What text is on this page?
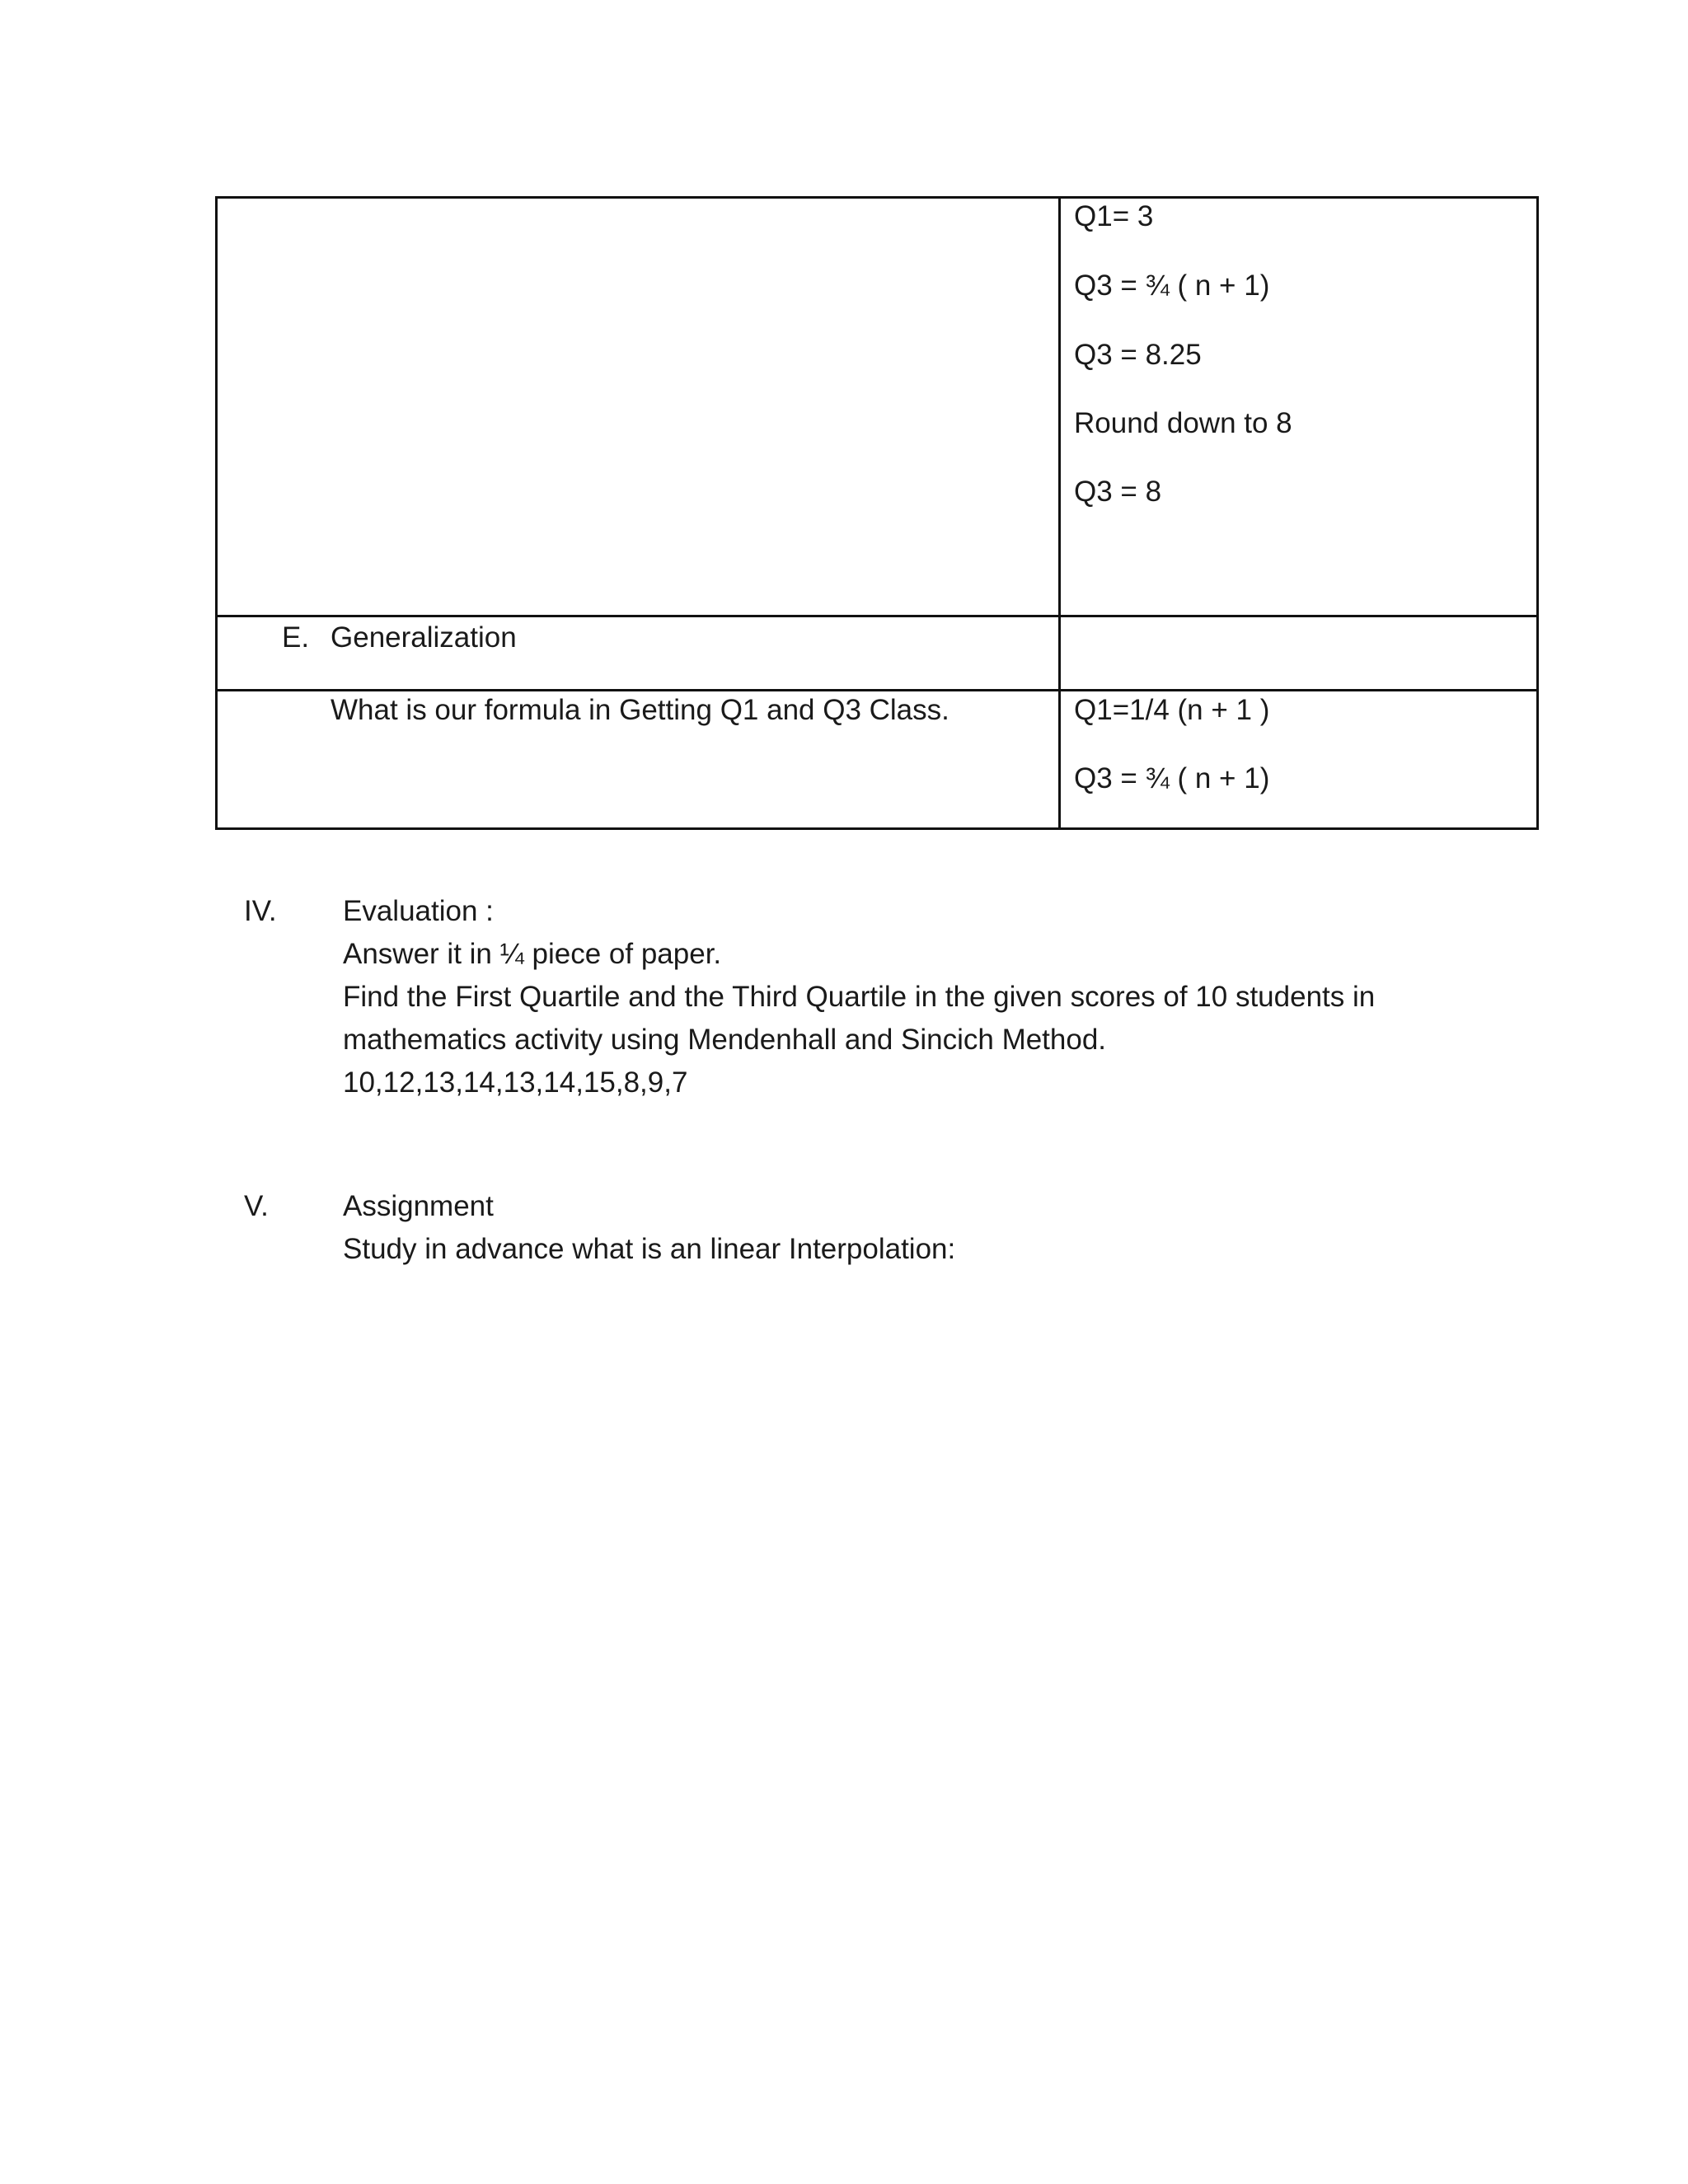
Q1= 3
Q3 = ¾ ( n + 1)
Q3 = 8.25
Round down to 8
Q3 = 8
E. Generalization
What is our formula in Getting Q1 and Q3 Class.	Q1=1/4 (n + 1 )
Q3 = ¾ ( n + 1)
IV. Evaluation :
Answer it in ¼ piece of paper.
Find the First Quartile and the Third Quartile in the given scores of 10 students in
mathematics activity using Mendenhall and Sincich Method.
10,12,13,14,13,14,15,8,9,7
V.	Assignment
Study in advance what is an linear Interpolation:
